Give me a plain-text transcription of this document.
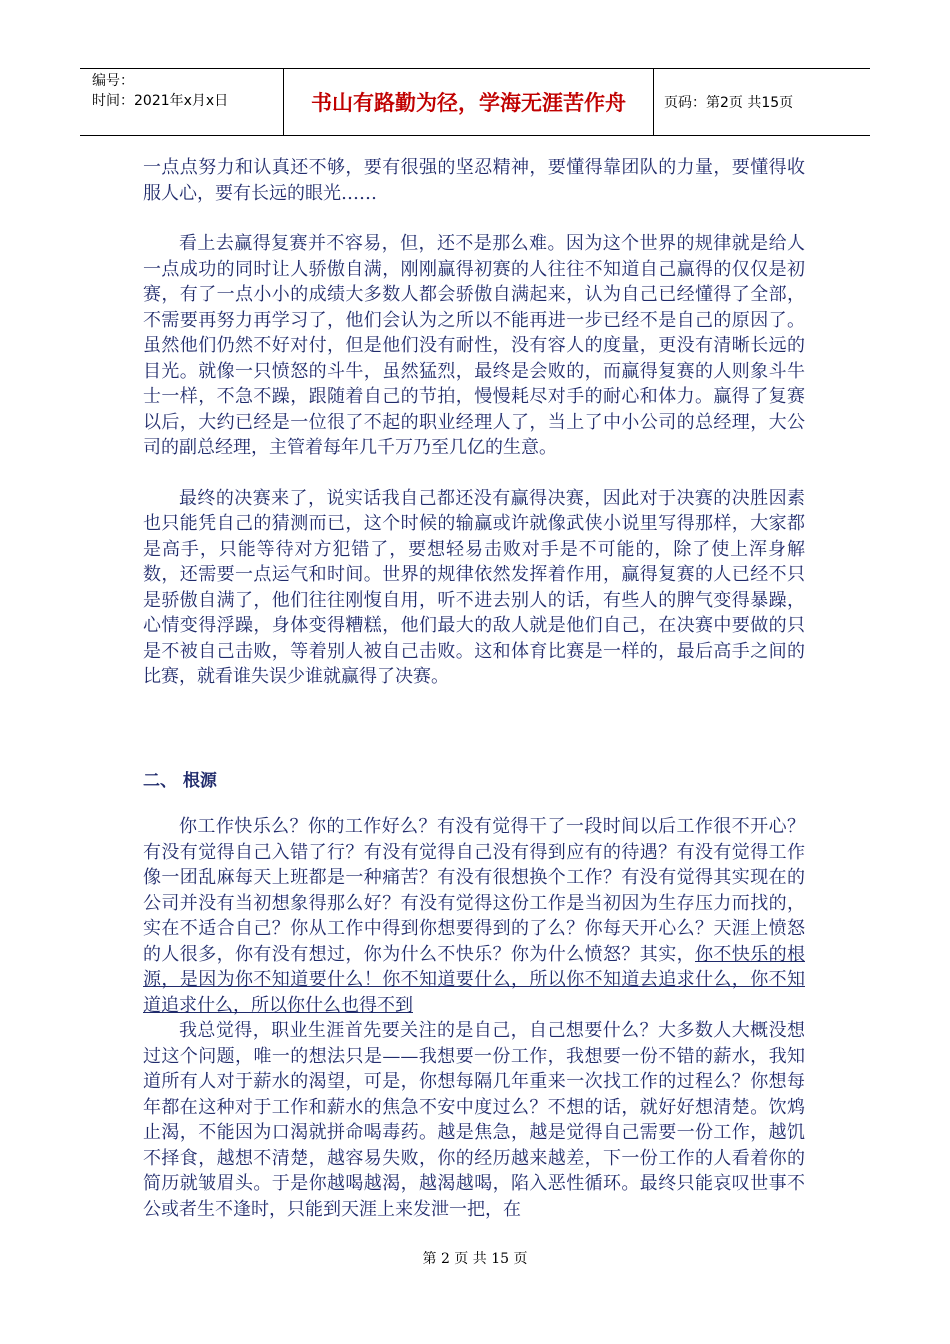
编号：
时间：2021年x月x日	书山有路勤为径，学海无涯苦作舟	页码：第2页 共15页

一点点努力和认真还不够，要有很强的坚忍精神，要懂得靠团队的力量，要懂得收服人心，要有长远的眼光……

看上去赢得复赛并不容易，但，还不是那么难。因为这个世界的规律就是给人一点成功的同时让人骄傲自满，刚刚赢得初赛的人往往不知道自己赢得的仅仅是初赛，有了一点小小的成绩大多数人都会骄傲自满起来，认为自己已经懂得了全部，不需要再努力再学习了，他们会认为之所以不能再进一步已经不是自己的原因了。虽然他们仍然不好对付，但是他们没有耐性，没有容人的度量，更没有清晰长远的目光。就像一只愤怒的斗牛，虽然猛烈，最终是会败的，而赢得复赛的人则象斗牛士一样，不急不躁，跟随着自己的节拍，慢慢耗尽对手的耐心和体力。赢得了复赛以后，大约已经是一位很了不起的职业经理人了，当上了中小公司的总经理，大公司的副总经理，主管着每年几千万乃至几亿的生意。

最终的决赛来了，说实话我自己都还没有赢得决赛，因此对于决赛的决胜因素也只能凭自己的猜测而已，这个时候的输赢或许就像武侠小说里写得那样，大家都是高手，只能等待对方犯错了，要想轻易击败对手是不可能的，除了使上浑身解数，还需要一点运气和时间。世界的规律依然发挥着作用，赢得复赛的人已经不只是骄傲自满了，他们往往刚愎自用，听不进去别人的话，有些人的脾气变得暴躁，心情变得浮躁，身体变得糟糕，他们最大的敌人就是他们自己，在决赛中要做的只是不被自己击败，等着别人被自己击败。这和体育比赛是一样的，最后高手之间的比赛，就看谁失误少谁就赢得了决赛。

二、 根源

你工作快乐么？你的工作好么？有没有觉得干了一段时间以后工作很不开心？有没有觉得自己入错了行？有没有觉得自己没有得到应有的待遇？有没有觉得工作像一团乱麻每天上班都是一种痛苦？有没有很想换个工作？有没有觉得其实现在的公司并没有当初想象得那么好？有没有觉得这份工作是当初因为生存压力而找的，实在不适合自己？你从工作中得到你想要得到的了么？你每天开心么？天涯上愤怒的人很多，你有没有想过，你为什么不快乐？你为什么愤怒？其实，你不快乐的根源，是因为你不知道要什么！你不知道要什么，所以你不知道去追求什么，你不知道追求什么，所以你什么也得不到

我总觉得，职业生涯首先要关注的是自己，自己想要什么？大多数人大概没想过这个问题，唯一的想法只是——我想要一份工作，我想要一份不错的薪水，我知道所有人对于薪水的渴望，可是，你想每隔几年重来一次找工作的过程么？你想每年都在这种对于工作和薪水的焦急不安中度过么？不想的话，就好好想清楚。饮鸩止渴，不能因为口渴就拼命喝毒药。越是焦急，越是觉得自己需要一份工作，越饥不择食，越想不清楚，越容易失败，你的经历越来越差，下一份工作的人看着你的简历就皱眉头。于是你越喝越渴，越渴越喝，陷入恶性循环。最终只能哀叹世事不公或者生不逢时，只能到天涯上来发泄一把，在

第 2 页 共 15 页
